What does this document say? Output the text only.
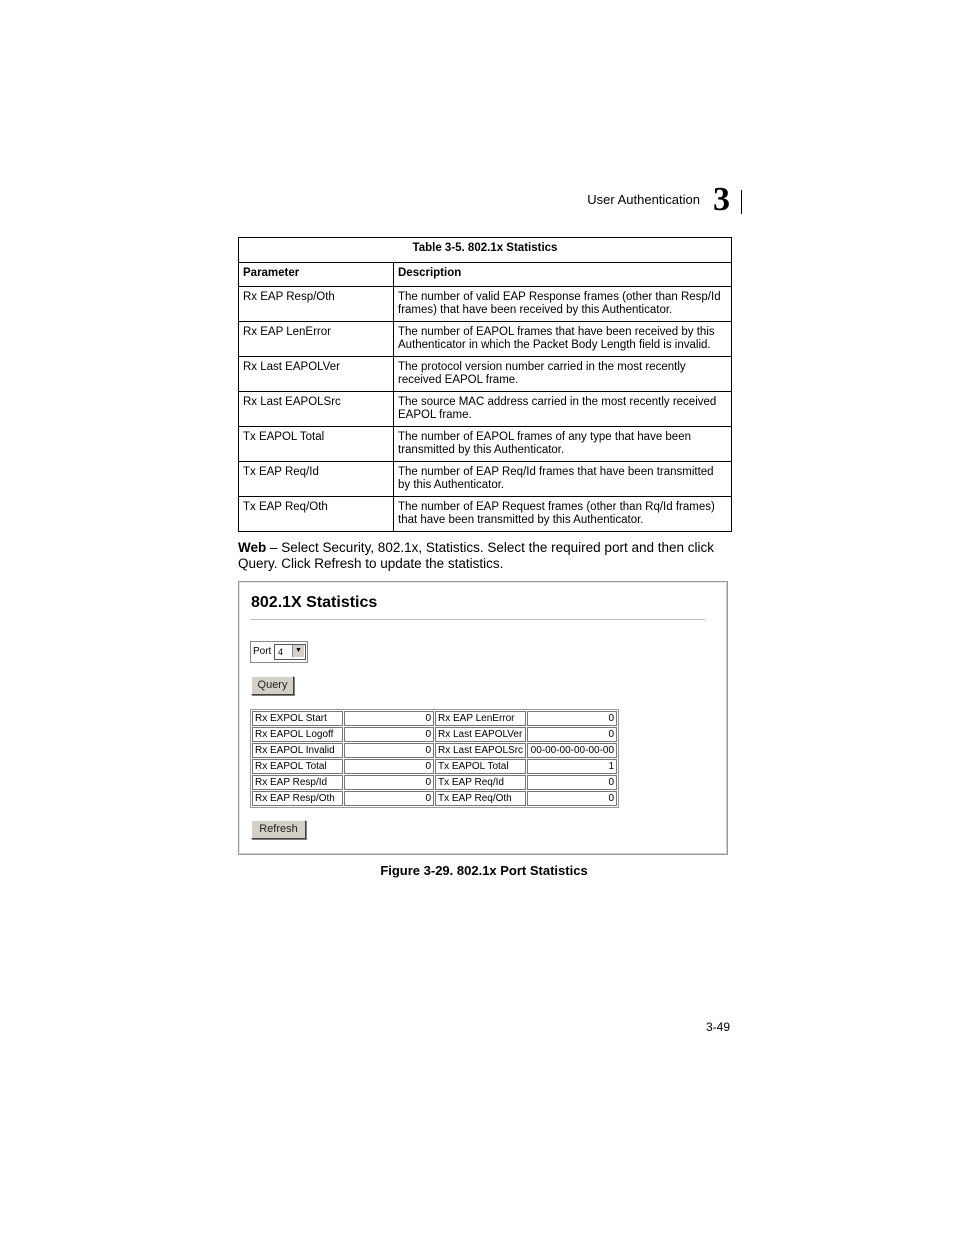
User Authentication 3
Table 3-5. 802.1x Statistics	
Parameter	Description
Rx EAP Resp/Oth	The number of valid EAP Response frames (other than Resp/Id frames) that have been received by this Authenticator.
Rx EAP LenError	The number of EAPOL frames that have been received by this Authenticator in which the Packet Body Length field is invalid.
Rx Last EAPOLVer	The protocol version number carried in the most recently received EAPOL frame.
Rx Last EAPOLSrc	The source MAC address carried in the most recently received EAPOL frame.
Tx EAPOL Total	The number of EAPOL frames of any type that have been transmitted by this Authenticator.
Tx EAP Req/Id	The number of EAP Req/Id frames that have been transmitted by this Authenticator.
Tx EAP Req/Oth	The number of EAP Request frames (other than Rq/Id frames) that have been transmitted by this Authenticator.
Web – Select Security, 802.1x, Statistics. Select the required port and then click Query. Click Refresh to update the statistics.
802.1X Statistics
Port 4	▼
Query
Rx EXPOL Start	0	Rx EAP LenError	0
Rx EAPOL Logoff	0	Rx Last EAPOLVer	0
Rx EAPOL Invalid	0	Rx Last EAPOLSrc	00-00-00-00-00-00
Rx EAPOL Total	0	Tx EAPOL Total	1
Rx EAP Resp/Id	0	Tx EAP Req/Id	0
Rx EAP Resp/Oth	0	Tx EAP Req/Oth	0
Refresh
Figure 3-29. 802.1x Port Statistics
3-49
